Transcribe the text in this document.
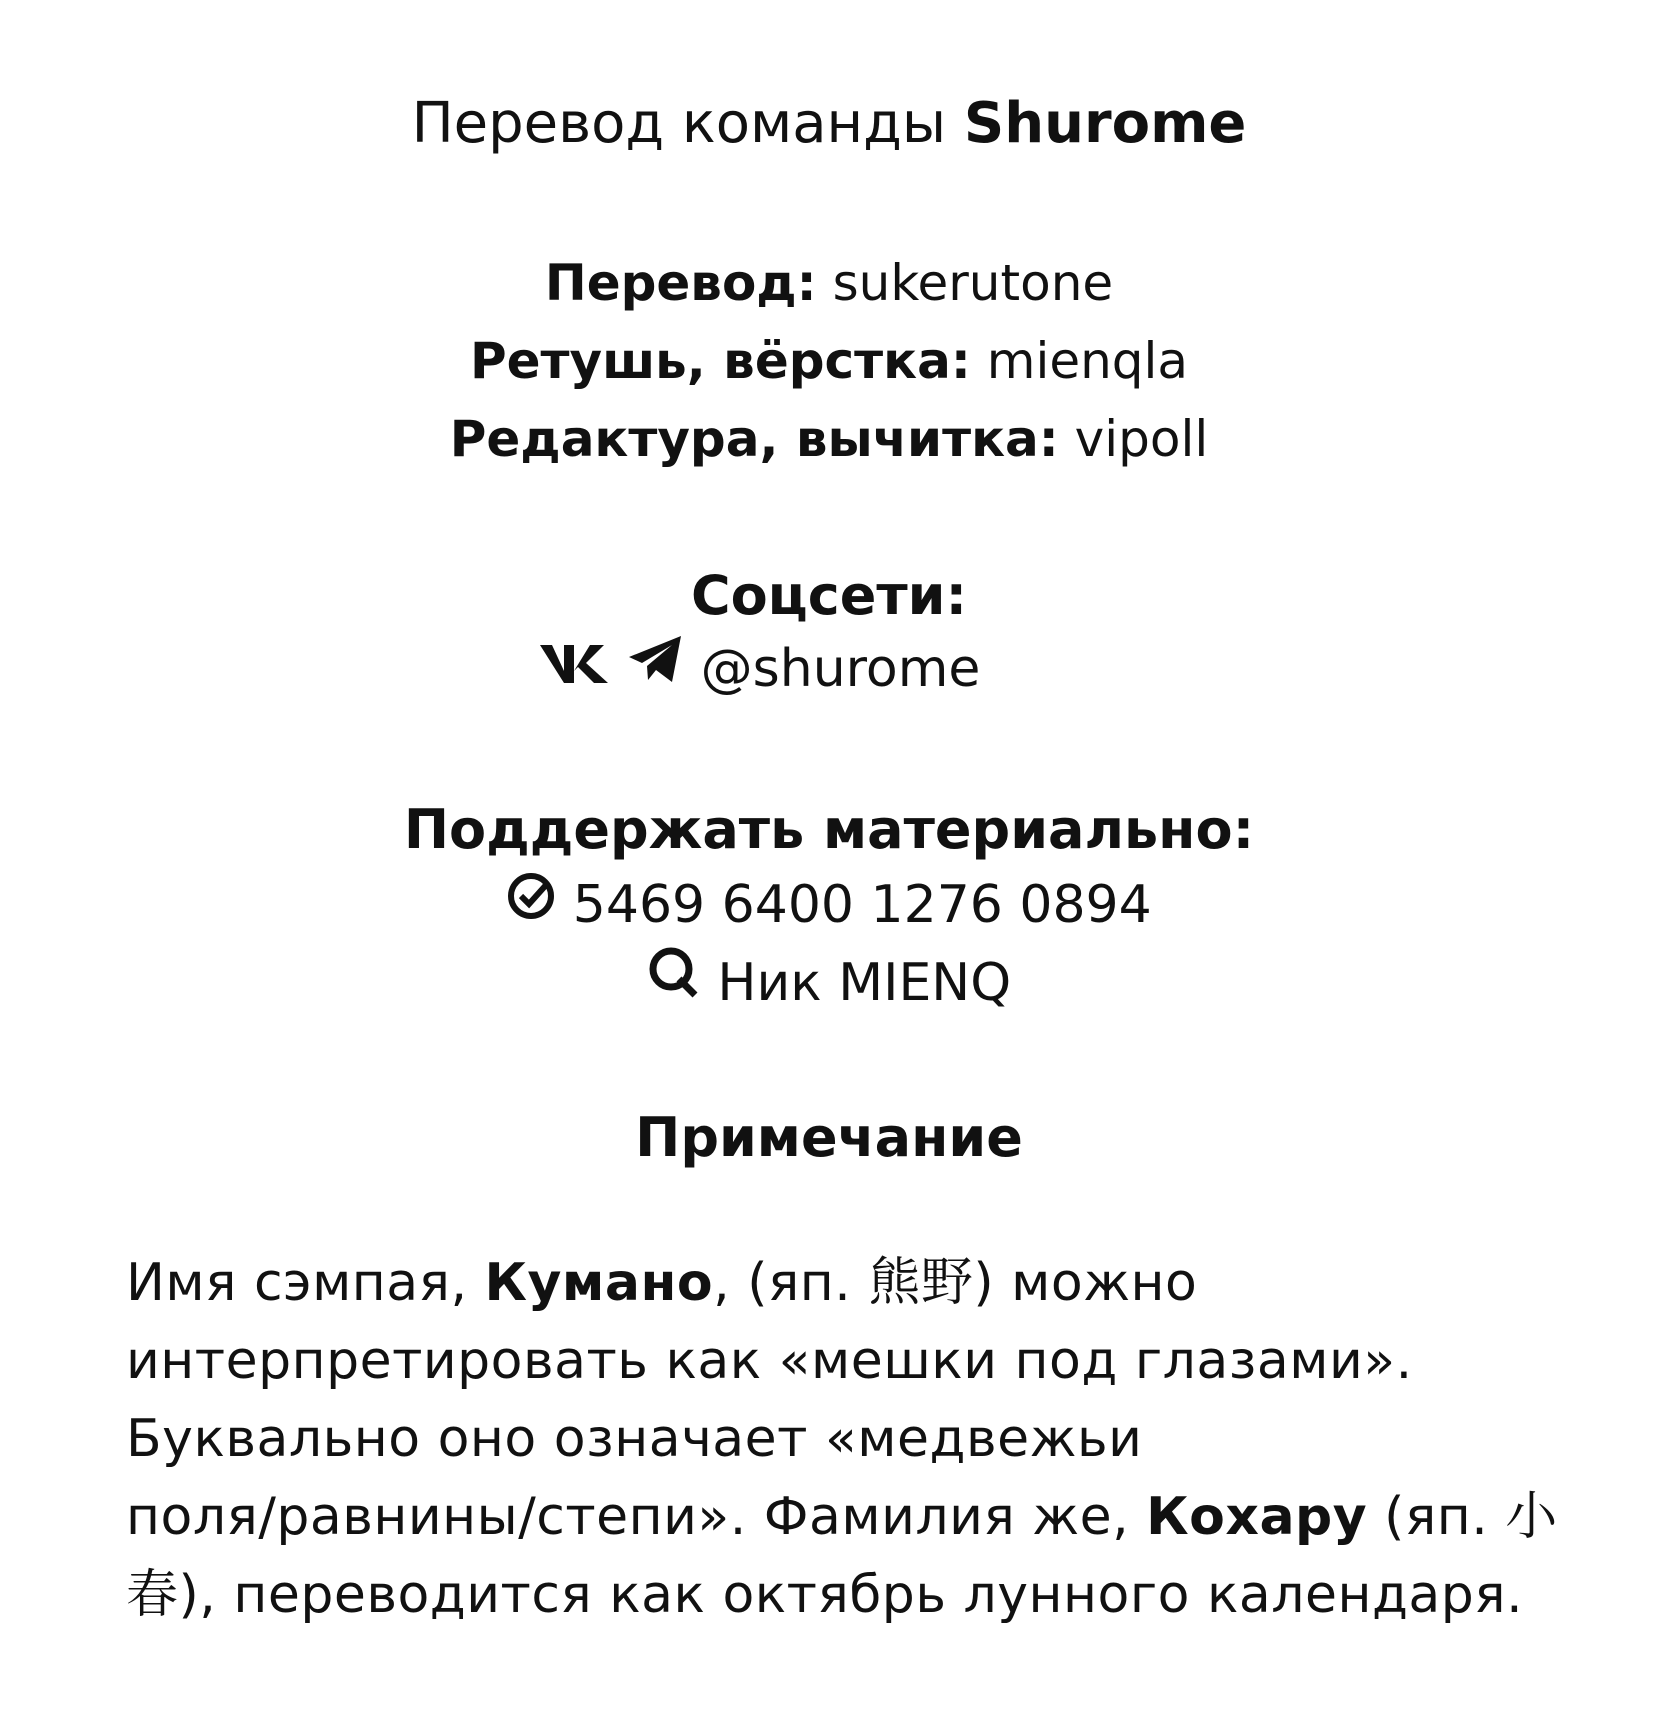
Перевод команды Shurome
Перевод: sukerutone
Ретушь, вёрстка: mienqla
Редактура, вычитка: vipoll
Соцсети:
@shurome
Поддержать материально:
5469 6400 1276 0894
Ник MIENQ
Примечание
Имя сэмпая, Кумано, (яп. 熊野) можно
интерпретировать как «мешки под глазами».
Буквально оно означает «медвежьи
поля/равнины/степи». Фамилия же, Кохару (яп. 小
春), переводится как октябрь лунного календаря.
